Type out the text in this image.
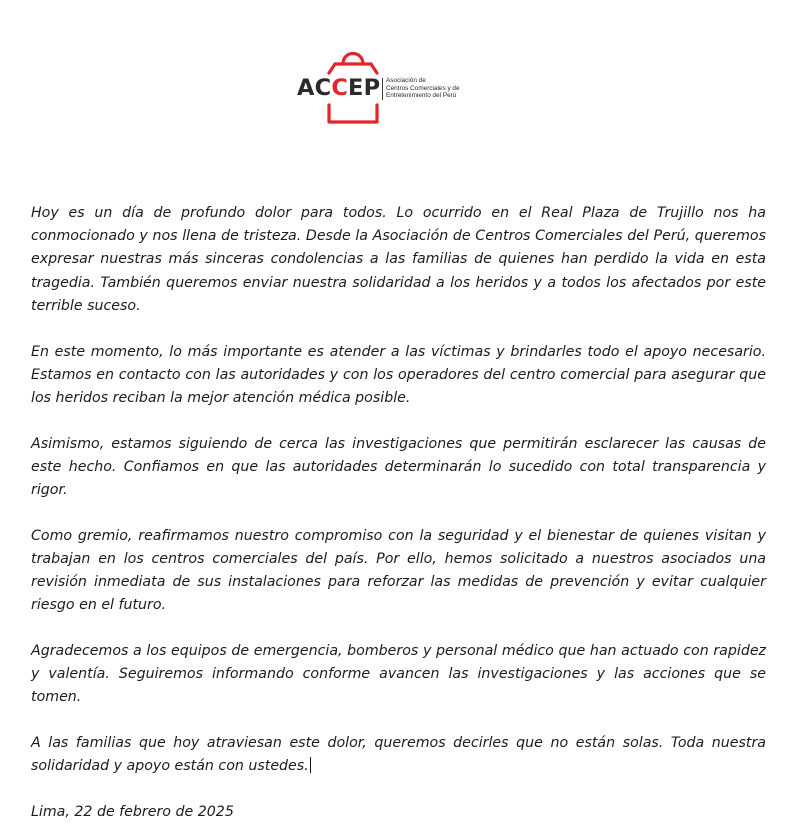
ACCEP Asociación de
Centros Comerciales y de
Entretenimiento del Perú

Hoy es un día de profundo dolor para todos. Lo ocurrido en el Real Plaza de Trujillo nos ha conmocionado y nos llena de tristeza. Desde la Asociación de Centros Comerciales del Perú, queremos expresar nuestras más sinceras condolencias a las familias de quienes han perdido la vida en esta tragedia. También queremos enviar nuestra solidaridad a los heridos y a todos los afectados por este terrible suceso.

En este momento, lo más importante es atender a las víctimas y brindarles todo el apoyo necesario. Estamos en contacto con las autoridades y con los operadores del centro comercial para asegurar que los heridos reciban la mejor atención médica posible.

Asimismo, estamos siguiendo de cerca las investigaciones que permitirán esclarecer las causas de este hecho. Confiamos en que las autoridades determinarán lo sucedido con total transparencia y rigor.

Como gremio, reafirmamos nuestro compromiso con la seguridad y el bienestar de quienes visitan y trabajan en los centros comerciales del país. Por ello, hemos solicitado a nuestros asociados una revisión inmediata de sus instalaciones para reforzar las medidas de prevención y evitar cualquier riesgo en el futuro.

Agradecemos a los equipos de emergencia, bomberos y personal médico que han actuado con rapidez y valentía. Seguiremos informando conforme avancen las investigaciones y las acciones que se tomen.

A las familias que hoy atraviesan este dolor, queremos decirles que no están solas. Toda nuestra solidaridad y apoyo están con ustedes.

Lima, 22 de febrero de 2025
